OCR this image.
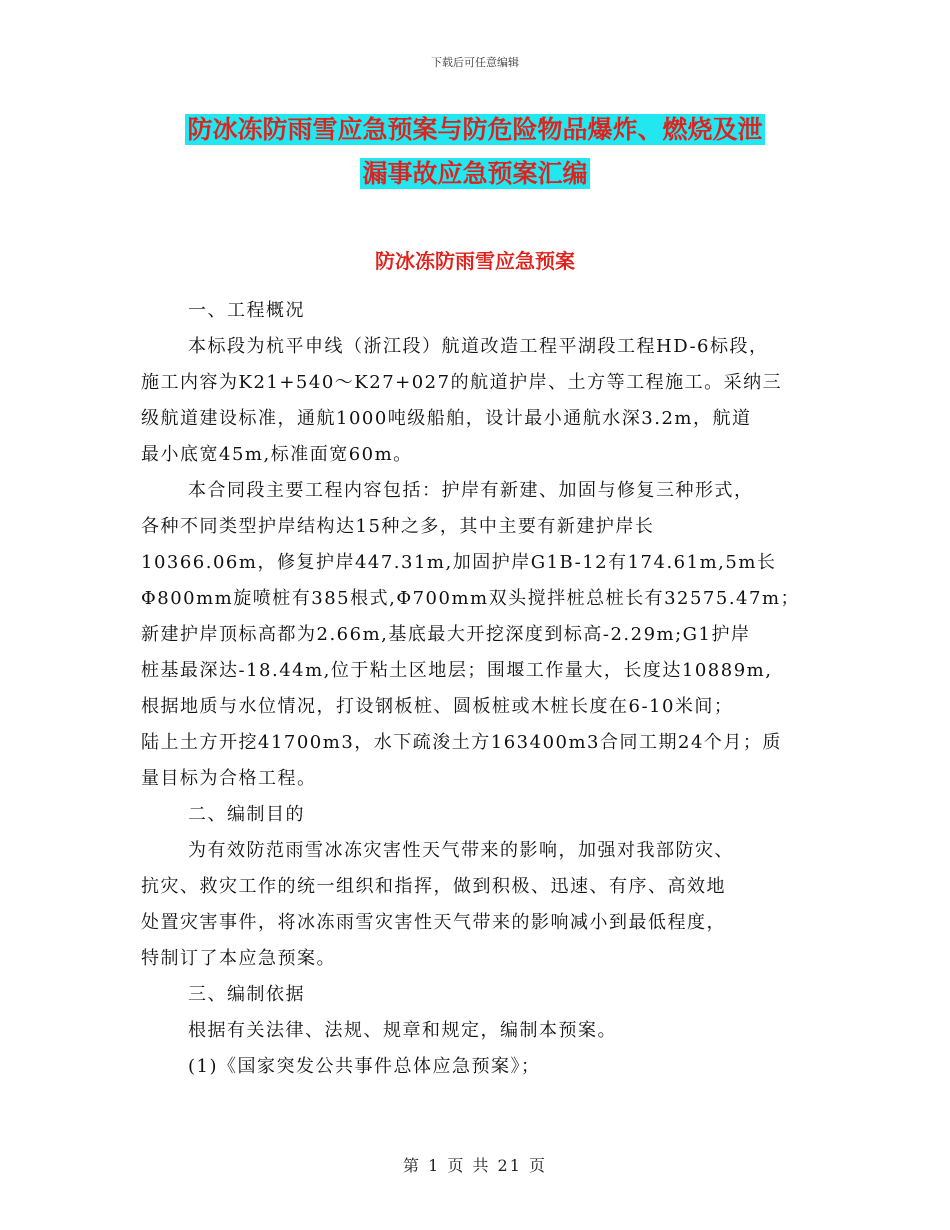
下载后可任意编辑
防冰冻防雨雪应急预案与防危险物品爆炸、燃烧及泄
漏事故应急预案汇编
防冰冻防雨雪应急预案

一、工程概况

本标段为杭平申线（浙江段）航道改造工程平湖段工程HD-6标段，

施工内容为K21+540～K27+027的航道护岸、土方等工程施工。采纳三

级航道建设标准，通航1000吨级船舶，设计最小通航水深3.2m，航道

最小底宽45m,标准面宽60m。

本合同段主要工程内容包括：护岸有新建、加固与修复三种形式，

各种不同类型护岸结构达15种之多，其中主要有新建护岸长

10366.06m，修复护岸447.31m,加固护岸G1B-12有174.61m,5m长

Φ800mm旋喷桩有385根式,Φ700mm双头搅拌桩总桩长有32575.47m；

新建护岸顶标高都为2.66m,基底最大开挖深度到标高-2.29m;G1护岸

桩基最深达-18.44m,位于粘土区地层；围堰工作量大，长度达10889m,

根据地质与水位情况，打设钢板桩、圆板桩或木桩长度在6-10米间；

陆上土方开挖41700m3，水下疏浚土方163400m3合同工期24个月；质

量目标为合格工程。

二、编制目的

为有效防范雨雪冰冻灾害性天气带来的影响，加强对我部防灾、

抗灾、救灾工作的统一组织和指挥，做到积极、迅速、有序、高效地

处置灾害事件，将冰冻雨雪灾害性天气带来的影响减小到最低程度，

特制订了本应急预案。

三、编制依据

根据有关法律、法规、规章和规定，编制本预案。

(1)《国家突发公共事件总体应急预案》；

第 1 页 共 21 页
